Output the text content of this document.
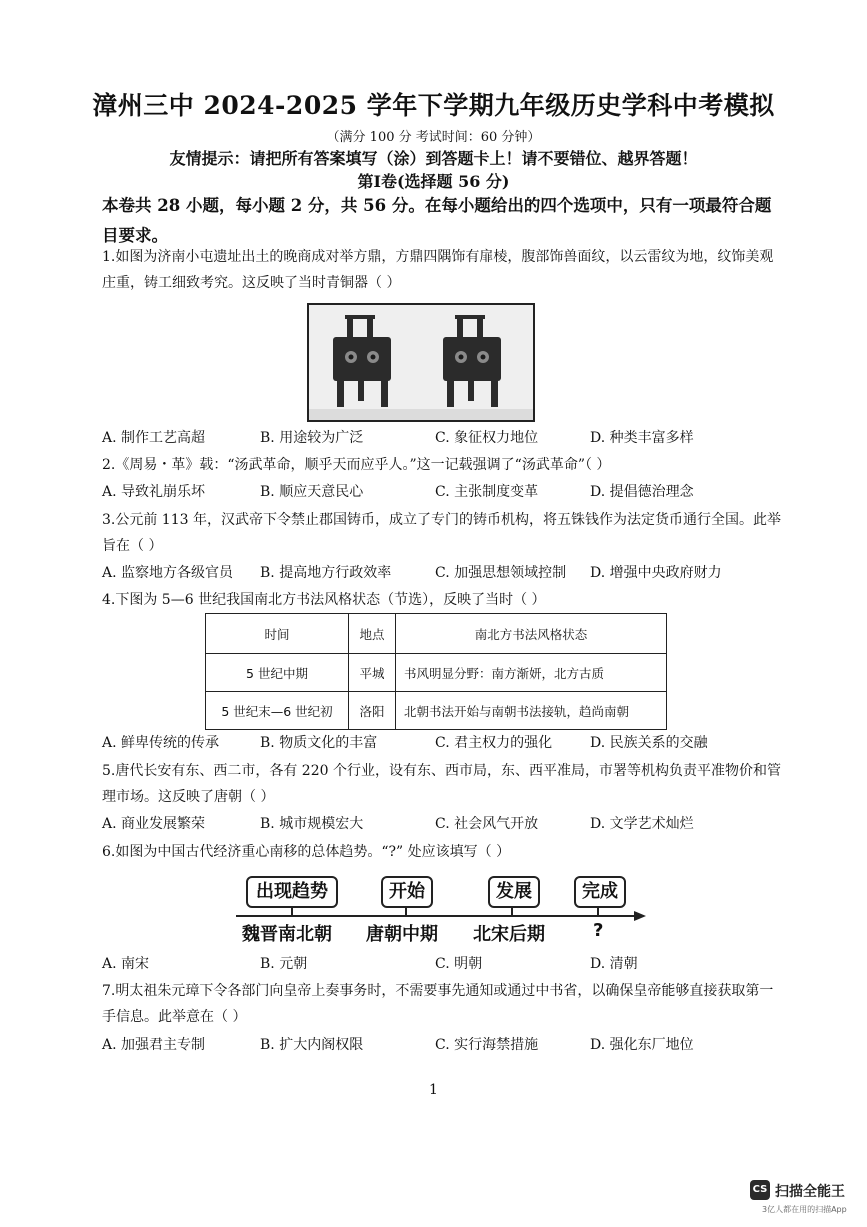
漳州三中 2024-2025 学年下学期九年级历史学科中考模拟
（满分 100 分 考试时间：60 分钟）
友情提示：请把所有答案填写（涂）到答题卡上！请不要错位、越界答题！
第Ⅰ卷(选择题 56 分)
本卷共 28 小题，每小题 2 分，共 56 分。在每小题给出的四个选项中，只有一项最符合题目要求。
1.如图为济南小屯遗址出土的晚商成对举方鼎，方鼎四隅饰有扉棱，腹部饰兽面纹，以云雷纹为地，纹饰美观庄重，铸工细致考究。这反映了当时青铜器（ ）
A. 制作工艺高超	B. 用途较为广泛	C. 象征权力地位	D. 种类丰富多样
2.《周易・革》载：“汤武革命，顺乎天而应乎人。”这一记载强调了“汤武革命”（ ）
A. 导致礼崩乐坏	B. 顺应天意民心	C. 主张制度变革	D. 提倡德治理念
3.公元前 113 年，汉武帝下令禁止郡国铸币，成立了专门的铸币机构，将五铢钱作为法定货币通行全国。此举旨在（ ）
A. 监察地方各级官员 B. 提高地方行政效率	C. 加强思想领域控制 D. 增强中央政府财力
4.下图为 5—6 世纪我国南北方书法风格状态（节选），反映了当时（ ）
时间	地点	南北方书法风格状态
5 世纪中期	平城	书风明显分野：南方渐妍，北方古质
5 世纪末—6 世纪初	洛阳	北朝书法开始与南朝书法接轨，趋尚南朝
A. 鲜卑传统的传承	B. 物质文化的丰富	C. 君主权力的强化	D. 民族关系的交融
5.唐代长安有东、西二市，各有 220 个行业，设有东、西市局，东、西平准局，市署等机构负责平准物价和管理市场。这反映了唐朝（ ）
A. 商业发展繁荣	B. 城市规模宏大	C. 社会风气开放	D. 文学艺术灿烂
6.如图为中国古代经济重心南移的总体趋势。“?” 处应该填写（ ）
出现趋势	开始	发展	完成
魏晋南北朝 唐朝中期 北宋后期	?
A. 南宋	B. 元朝	C. 明朝	D. 清朝
7.明太祖朱元璋下令各部门向皇帝上奏事务时，不需要事先通知或通过中书省，以确保皇帝能够直接获取第一手信息。此举意在（ ）
A. 加强君主专制	B. 扩大内阁权限	C. 实行海禁措施	D. 强化东厂地位
1
CS 扫描全能王
3亿人都在用的扫描App
